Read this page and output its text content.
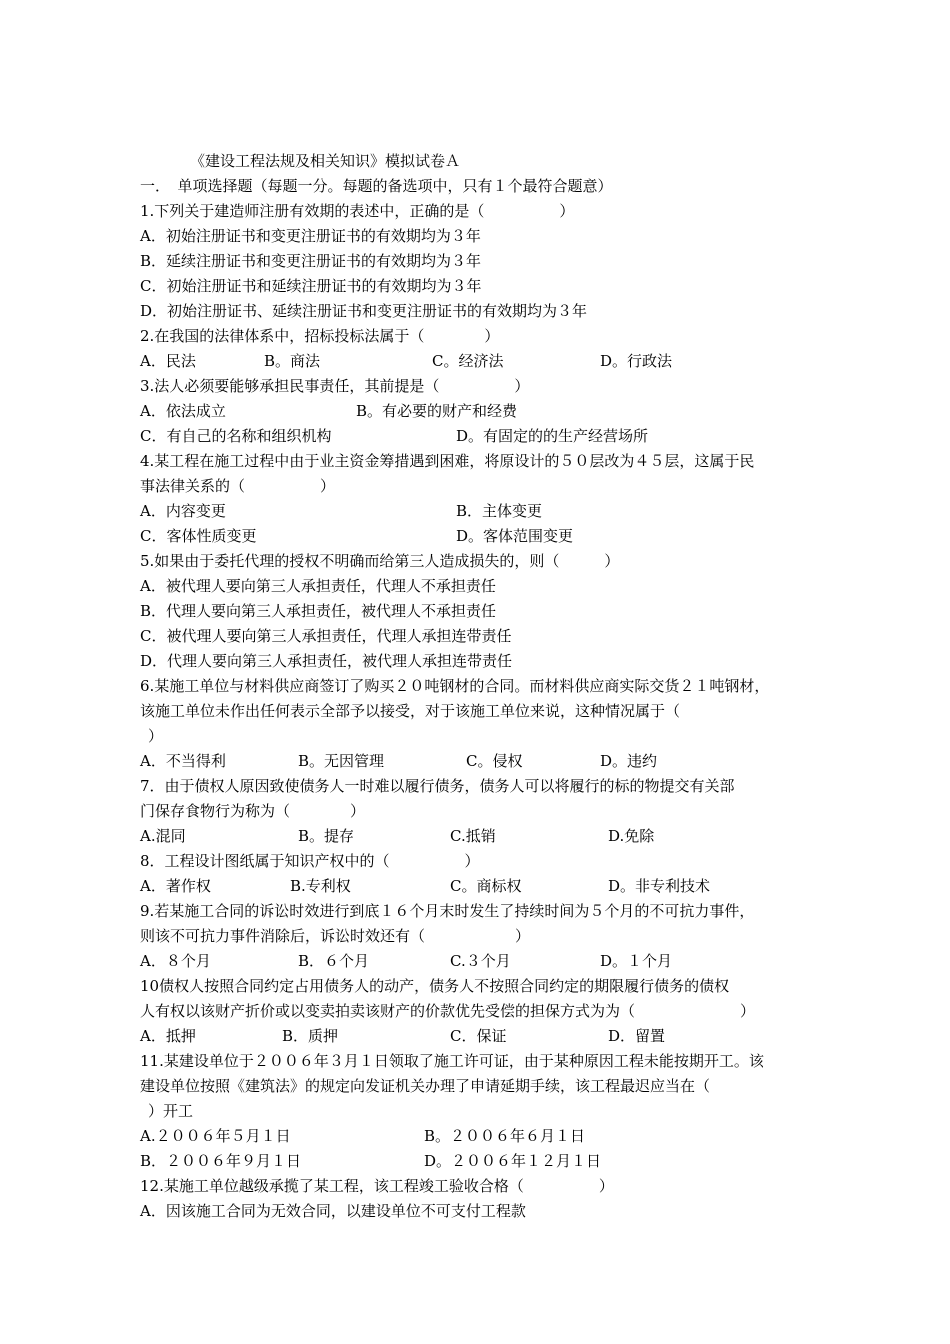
《建设工程法规及相关知识》模拟试卷Ａ
一．　单项选择题（每题一分。每题的备选项中，只有１个最符合题意）
1.下列关于建造师注册有效期的表述中，正确的是（　　　　　）
A．初始注册证书和变更注册证书的有效期均为３年
B．延续注册证书和变更注册证书的有效期均为３年
C．初始注册证书和延续注册证书的有效期均为３年
D．初始注册证书、延续注册证书和变更注册证书的有效期均为３年
2.在我国的法律体系中，招标投标法属于（　　　　）
A．民法	B。商法	C。经济法	D。行政法
3.法人必须要能够承担民事责任，其前提是（　　　　　）
A．依法成立	B。有必要的财产和经费
C．有自己的名称和组织机构	D。有固定的的生产经营场所
4.某工程在施工过程中由于业主资金筹措遇到困难，将原设计的５０层改为４５层，这属于民
事法律关系的（　　　　　）
A．内容变更	B．主体变更
C．客体性质变更	D。客体范围变更
5.如果由于委托代理的授权不明确而给第三人造成损失的，则（　　　）
A．被代理人要向第三人承担责任，代理人不承担责任
B．代理人要向第三人承担责任，被代理人不承担责任
C．被代理人要向第三人承担责任，代理人承担连带责任
D．代理人要向第三人承担责任，被代理人承担连带责任
6.某施工单位与材料供应商签订了购买２０吨钢材的合同。而材料供应商实际交货２１吨钢材，
该施工单位未作出任何表示全部予以接受，对于该施工单位来说，这种情况属于（
）
A．不当得利	B。无因管理	C。侵权	D。违约
7．由于债权人原因致使债务人一时难以履行债务，债务人可以将履行的标的物提交有关部
门保存食物行为称为（　　　　）
A.混同	B。提存	C.抵销	D.免除
8．工程设计图纸属于知识产权中的（　　　　　）
A．著作权	B.专利权	C。商标权	D。非专利技术
9.若某施工合同的诉讼时效进行到底１６个月末时发生了持续时间为５个月的不可抗力事件，
则该不可抗力事件消除后，诉讼时效还有（　　　　　　）
A．８个月	B．６个月	C.３个月	D。１个月
10债权人按照合同约定占用债务人的动产，债务人不按照合同约定的期限履行债务的债权
人有权以该财产折价或以变卖拍卖该财产的价款优先受偿的担保方式为为（　　　　　　　）
A．抵押	B．质押	C．保证	D．留置
11.某建设单位于２００６年３月１日领取了施工许可证，由于某种原因工程未能按期开工。该
建设单位按照《建筑法》的规定向发证机关办理了申请延期手续，该工程最迟应当在（
）开工
A.２００６年５月１日	B。２００６年６月１日
B．２００６年９月１日	D。２００６年１２月１日
12.某施工单位越级承揽了某工程，该工程竣工验收合格（　　　　　）
A．因该施工合同为无效合同，以建设单位不可支付工程款
